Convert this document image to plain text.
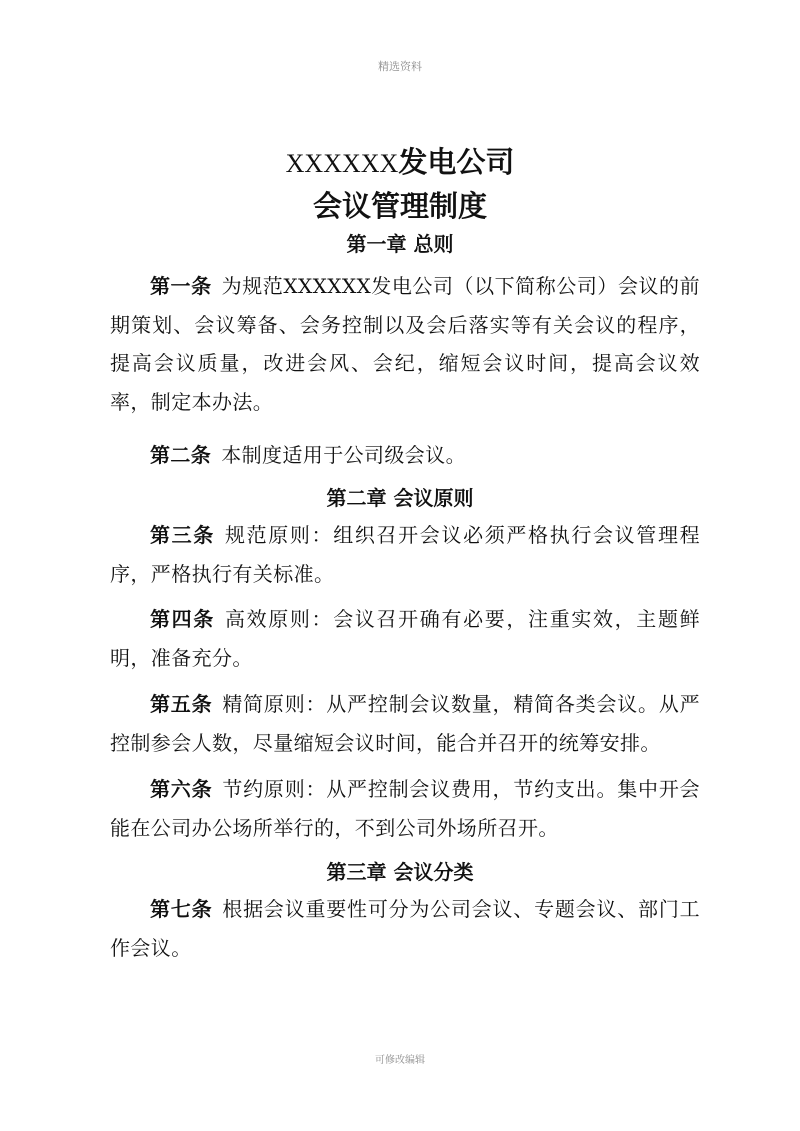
精选资料
XXXXXX发电公司
会议管理制度
第一章 总则
第一条 为规范XXXXXX发电公司（以下简称公司）会议的前期策划、会议筹备、会务控制以及会后落实等有关会议的程序，提高会议质量，改进会风、会纪，缩短会议时间，提高会议效率，制定本办法。
第二条 本制度适用于公司级会议。
第二章 会议原则
第三条 规范原则：组织召开会议必须严格执行会议管理程序，严格执行有关标准。
第四条 高效原则：会议召开确有必要，注重实效，主题鲜明，准备充分。
第五条 精简原则：从严控制会议数量，精简各类会议。从严控制参会人数，尽量缩短会议时间，能合并召开的统筹安排。
第六条 节约原则：从严控制会议费用，节约支出。集中开会能在公司办公场所举行的，不到公司外场所召开。
第三章 会议分类
第七条 根据会议重要性可分为公司会议、专题会议、部门工作会议。
可修改编辑
